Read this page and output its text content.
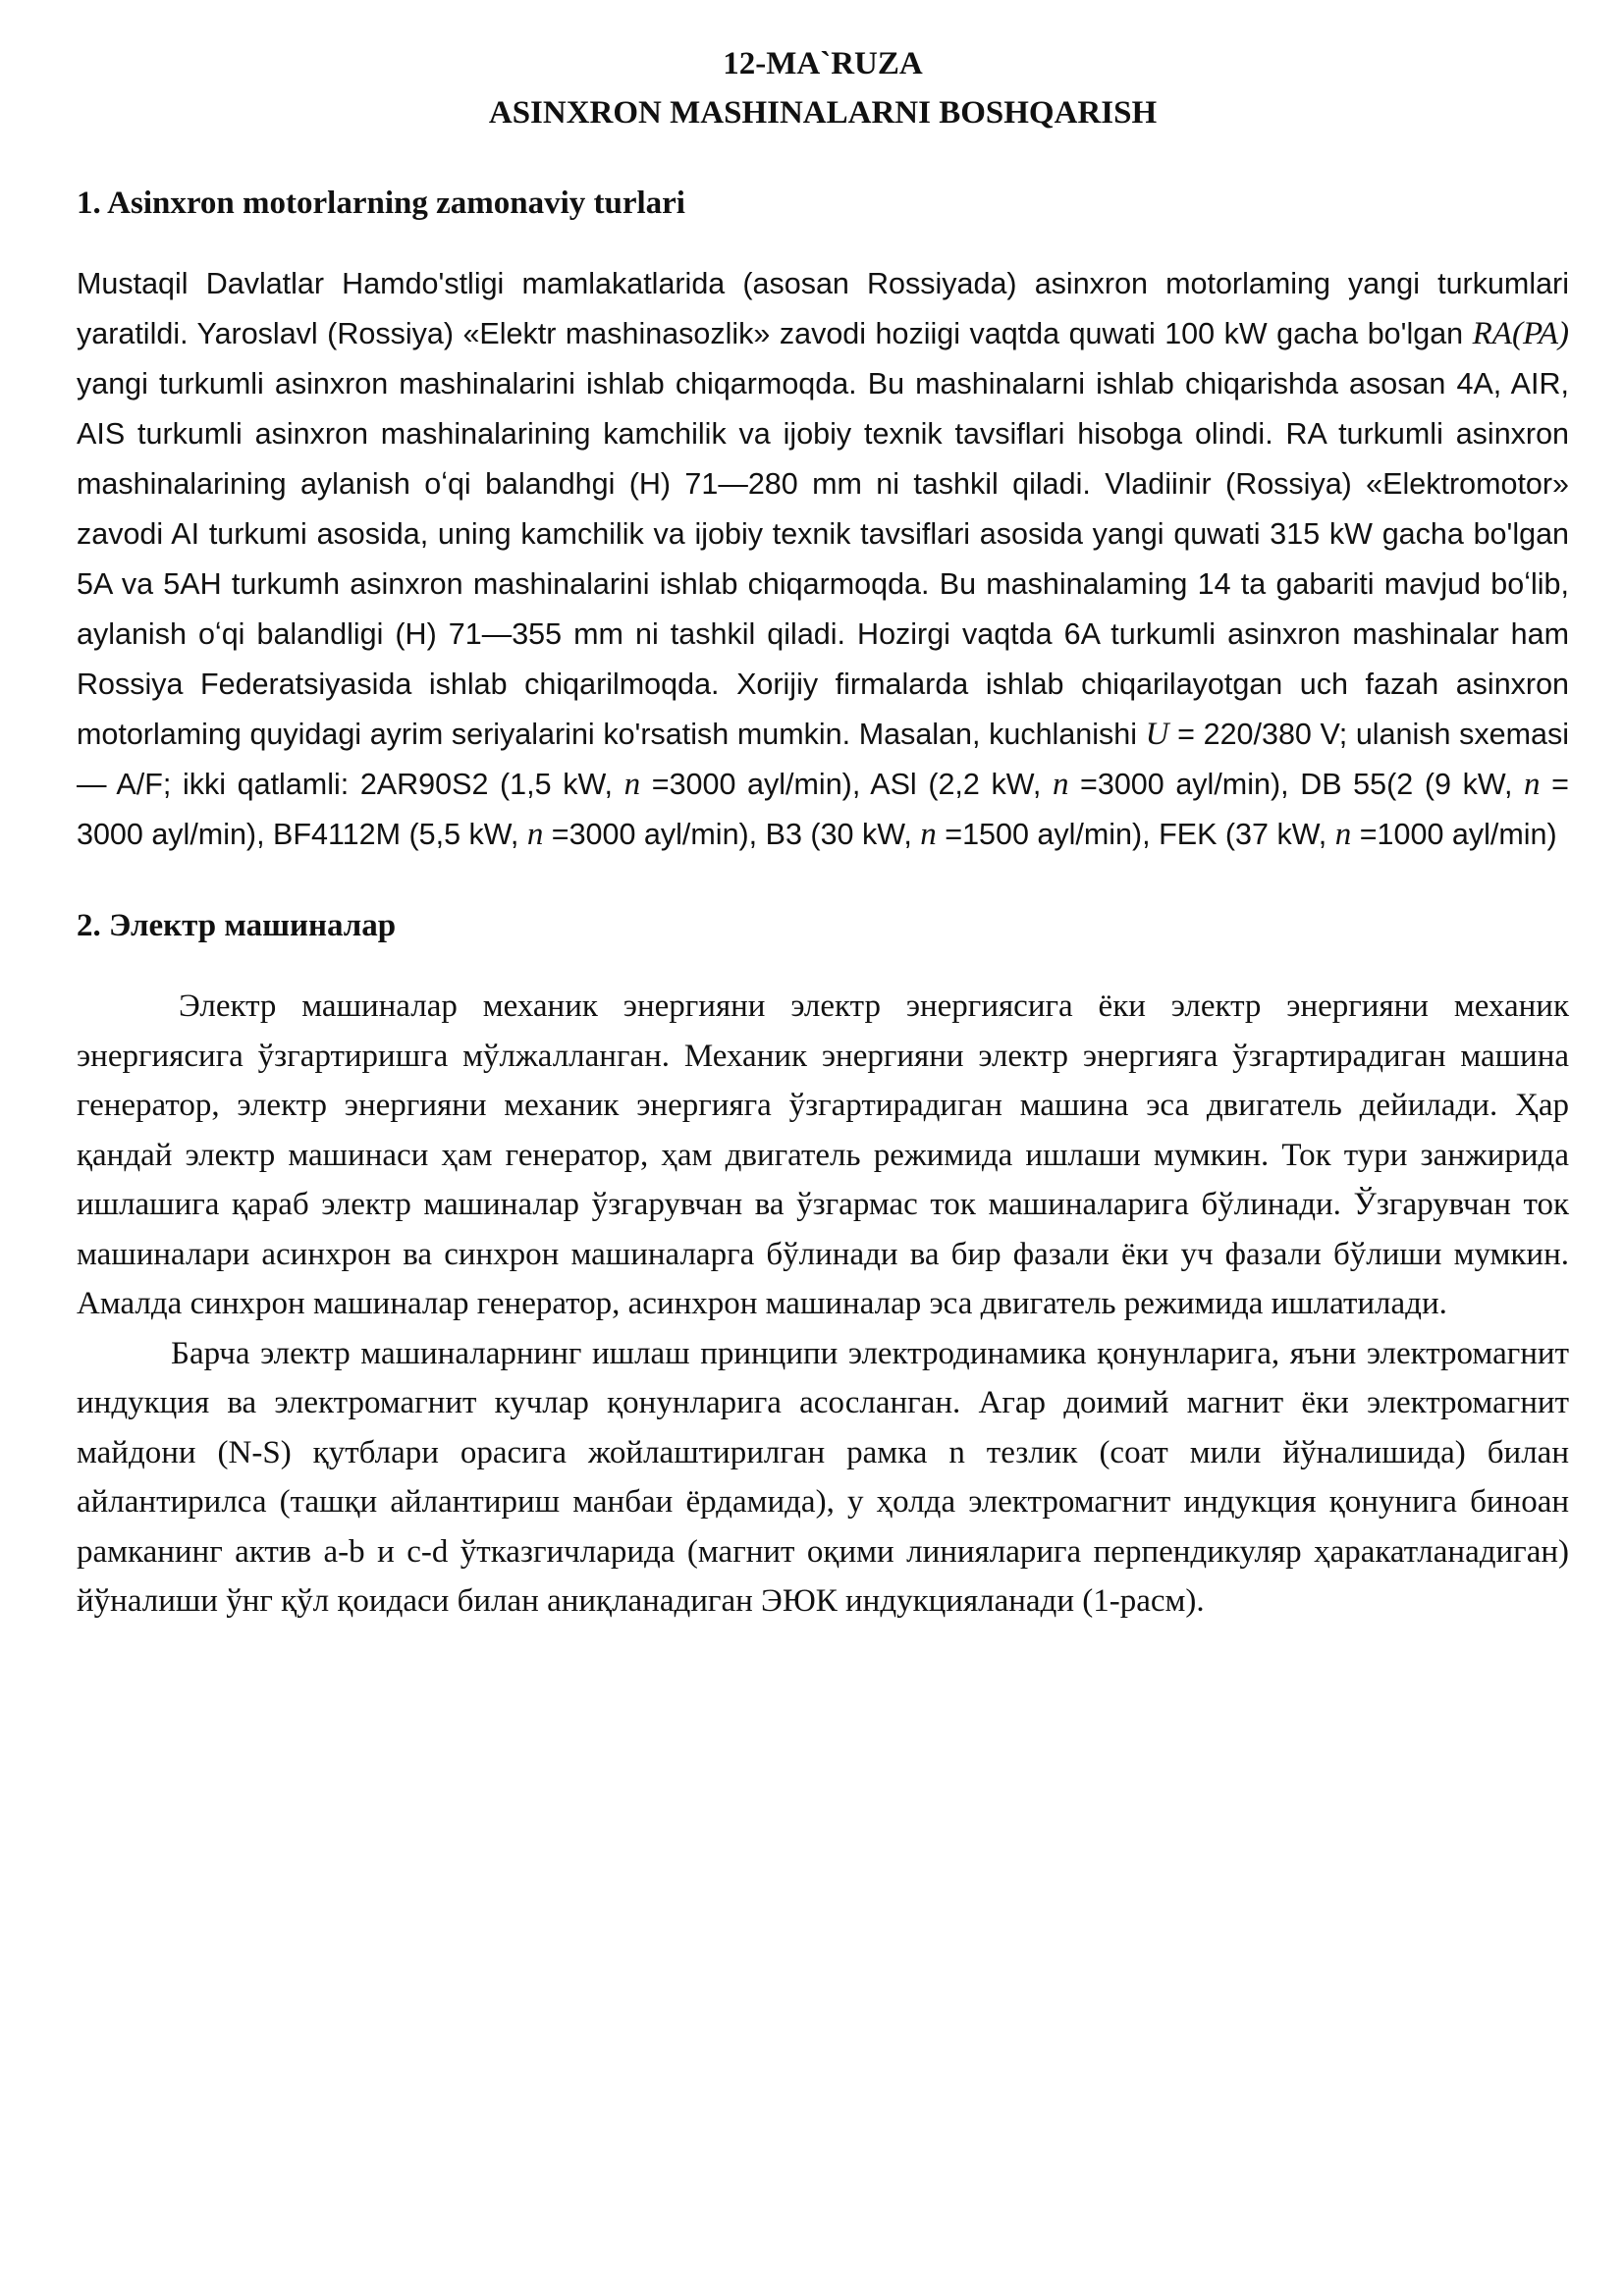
12-MA`RUZA
ASINXRON MASHINALARNI BOSHQARISH
1. Asinxron motorlarning zamonaviy turlari

Mustaqil Davlatlar Hamdo'stligi mamlakatlarida (asosan Rossiyada) asinxron motorlaming yangi turkumlari yaratildi. Yaroslavl (Rossiya) «Elektr mashinasozlik» zavodi hoziigi vaqtda quwati 100 kW gacha bo'lgan RA(PA) yangi turkumli asinxron mashinalarini ishlab chiqarmoqda. Bu mashinalarni ishlab chiqarishda asosan 4A, AIR, AIS turkumli asinxron mashinalarining kamchilik va ijobiy texnik tavsiflari hisobga olindi. RA turkumli asinxron mashinalarining aylanish oʻqi balandhgi (H) 71—280 mm ni tashkil qiladi. Vladiinir (Rossiya) «Elektromotor» zavodi AI turkumi asosida, uning kamchilik va ijobiy texnik tavsiflari asosida yangi quwati 315 kW gacha bo'lgan 5A va 5AH turkumh asinxron mashinalarini ishlab chiqarmoqda. Bu mashinalaming 14 ta gabariti mavjud boʻlib, aylanish oʻqi balandligi (H) 71—355 mm ni tashkil qiladi. Hozirgi vaqtda 6A turkumli asinxron mashinalar ham Rossiya Federatsiyasida ishlab chiqarilmoqda. Xorijiy firmalarda ishlab chiqarilayotgan uch fazah asinxron motorlaming quyidagi ayrim seriyalarini ko'rsatish mumkin. Masalan, kuchlanishi U = 220/380 V; ulanish sxemasi — A/F; ikki qatlamli: 2AR90S2 (1,5 kW, n =3000 ayl/min), ASl (2,2 kW, n =3000 ayl/min), DB 55(2 (9 kW, n = 3000 ayl/min), BF4112M (5,5 kW, n =3000 ayl/min), B3 (30 kW, n =1500 ayl/min), FEK (37 kW, n =1000 ayl/min)

2. Электр машиналар

Электр машиналар механик энергияни электр энергиясига ёки электр энергияни механик энергиясига ўзгартиришга мўлжалланган. Механик энергияни электр энергияга ўзгартирадиган машина генератор, электр энергияни механик энергияга ўзгартирадиган машина эса двигатель дейилади. Ҳар қандай электр машинаси ҳам генератор, ҳам двигатель режимида ишлаши мумкин. Ток тури занжирида ишлашига қараб электр машиналар ўзгарувчан ва ўзгармас ток машиналарига бўлинади. Ўзгарувчан ток машиналари асинхрон ва синхрон машиналарга бўлинади ва бир фазали ёки уч фазали бўлиши мумкин. Амалда синхрон машиналар генератор, асинхрон машиналар эса двигатель режимида ишлатилади.

Барча электр машиналарнинг ишлаш принципи электродинамика қонунларига, яъни электромагнит индукция ва электромагнит кучлар қонунларига асосланган. Агар доимий магнит ёки электромагнит майдони (N-S) қутблари орасига жойлаштирилган рамка n тезлик (соат мили йўналишида) билан айлантирилса (ташқи айлантириш манбаи ёрдамида), у ҳолда электромагнит индукция қонунига биноан рамканинг актив a-b и c-d ўтказгичларида (магнит оқими линияларига перпендикуляр ҳаракатланадиган) йўналиши ўнг қўл қоидаси билан аниқланадиган ЭЮК индукцияланади (1-расм).
